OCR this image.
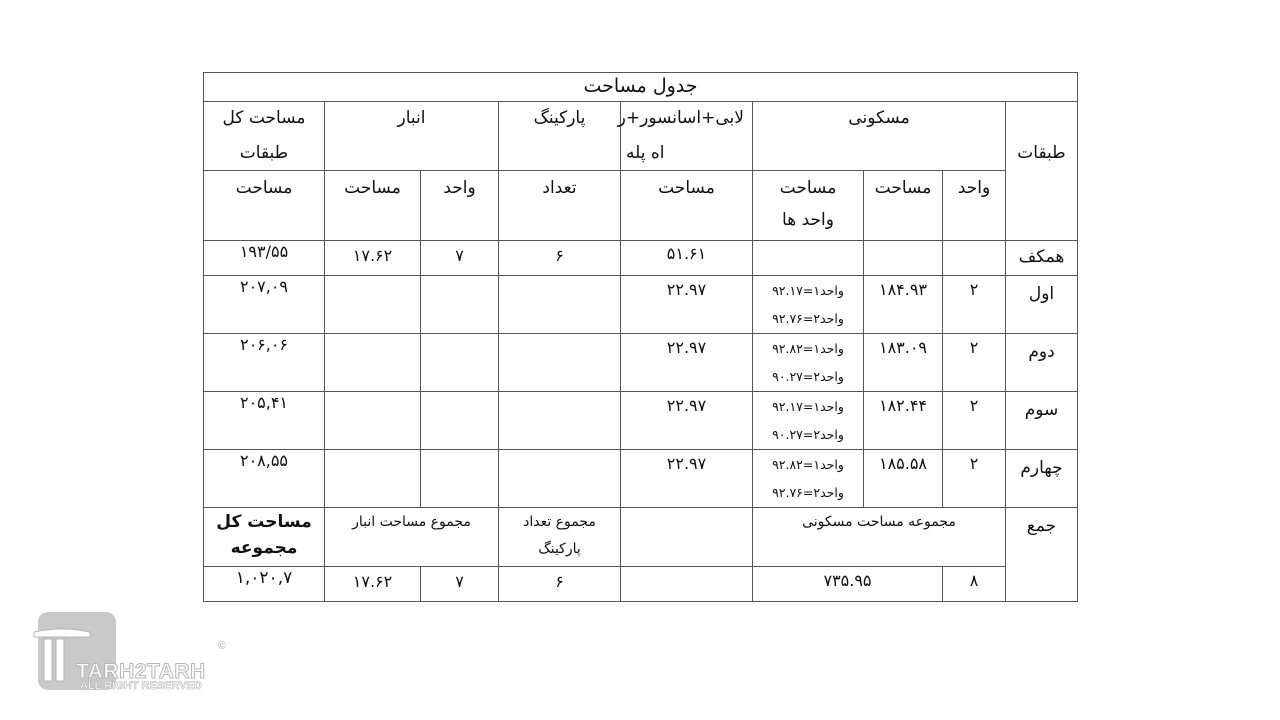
جدول مساحت
طبقات
مسکونی
لابی+اسانسور+ر
اه پله
پارکینگ
انبار
مساحت کل
طبقات
واحد
مساحت
مساحت
واحد ها
مساحت
تعداد
واحد
مساحت
مساحت
همکف
۵۱.۶۱
۶
۷
۱۷.۶۲
۱۹۳/۵۵
اول
۲
۱۸۴.۹۳
واحد۱=۹۲.۱۷
واحد۲=۹۲.۷۶
۲۲.۹۷
۲۰۷,۰۹
دوم
۲
۱۸۳.۰۹
واحد۱=۹۲.۸۲
واحد۲=۹۰.۲۷
۲۲.۹۷
۲۰۶,۰۶
سوم
۲
۱۸۲.۴۴
واحد۱=۹۲.۱۷
واحد۲=۹۰.۲۷
۲۲.۹۷
۲۰۵,۴۱
چهارم
۲
۱۸۵.۵۸
واحد۱=۹۲.۸۲
واحد۲=۹۲.۷۶
۲۲.۹۷
۲۰۸,۵۵
جمع
مجموعه مساحت مسکونی
مجموع تعداد
پارکینگ
مجموع مساحت انبار
مساحت کل
مجموعه
۸
۷۳۵.۹۵
۶
۷
۱۷.۶۲
۱,۰۲۰,۷
TARH2TARH
ALL RIGHT RESERVED
©
